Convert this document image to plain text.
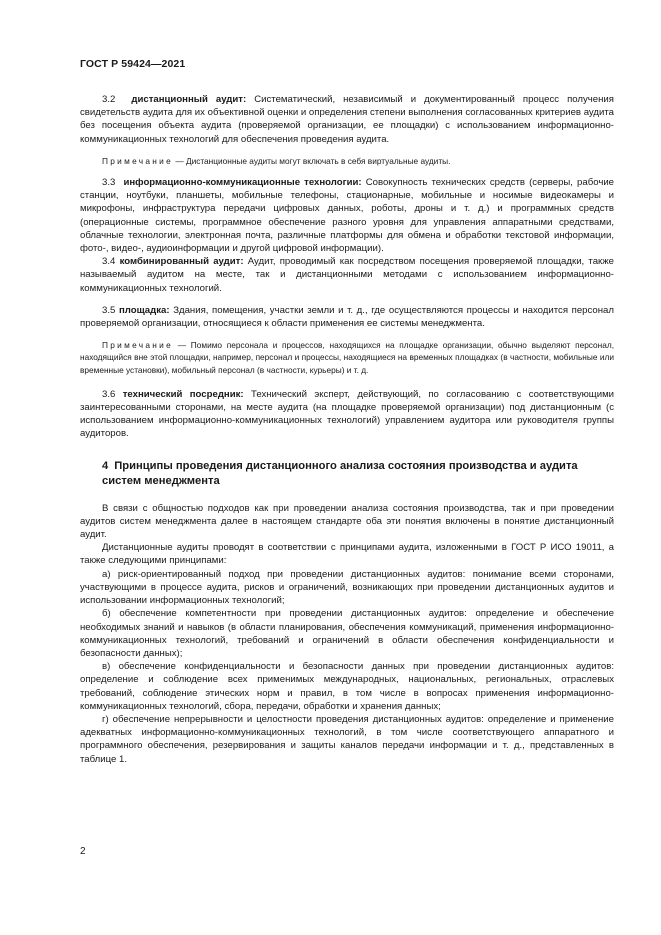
ГОСТ Р 59424—2021

3.2 дистанционный аудит: Систематический, независимый и документированный процесс получения свидетельств аудита для их объективной оценки и определения степени выполнения согласованных критериев аудита без посещения объекта аудита (проверяемой организации, ее площадки) с использованием информационно-коммуникационных технологий для обеспечения проведения аудита.

Примечание — Дистанционные аудиты могут включать в себя виртуальные аудиты.

3.3 информационно-коммуникационные технологии: Совокупность технических средств (серверы, рабочие станции, ноутбуки, планшеты, мобильные телефоны, стационарные, мобильные и носимые видеокамеры и микрофоны, инфраструктура передачи цифровых данных, роботы, дроны и т. д.) и программных средств (операционные системы, программное обеспечение разного уровня для управления аппаратными средствами, облачные технологии, электронная почта, различные платформы для обмена и обработки текстовой информации, фото-, видео-, аудиоинформации и другой цифровой информации).

3.4 комбинированный аудит: Аудит, проводимый как посредством посещения проверяемой площадки, также называемый аудитом на месте, так и дистанционными методами с использованием информационно-коммуникационных технологий.

3.5 площадка: Здания, помещения, участки земли и т. д., где осуществляются процессы и находится персонал проверяемой организации, относящиеся к области применения ее системы менеджмента.

Примечание — Помимо персонала и процессов, находящихся на площадке организации, обычно выделяют персонал, находящийся вне этой площадки, например, персонал и процессы, находящиеся на временных площадках (в частности, мобильные или временные установки), мобильный персонал (в частности, курьеры) и т. д.

3.6 технический посредник: Технический эксперт, действующий, по согласованию с соответствующими заинтересованными сторонами, на месте аудита (на площадке проверяемой организации) под дистанционным (с использованием информационно-коммуникационных технологий) управлением аудитора или руководителя группы аудиторов.

4 Принципы проведения дистанционного анализа состояния производства и аудита систем менеджмента

В связи с общностью подходов как при проведении анализа состояния производства, так и при проведении аудитов систем менеджмента далее в настоящем стандарте оба эти понятия включены в понятие дистанционный аудит.

Дистанционные аудиты проводят в соответствии с принципами аудита, изложенными в ГОСТ Р ИСО 19011, а также следующими принципами:

а) риск-ориентированный подход при проведении дистанционных аудитов: понимание всеми сторонами, участвующими в процессе аудита, рисков и ограничений, возникающих при проведении дистанционных аудитов и использовании информационных технологий;

б) обеспечение компетентности при проведении дистанционных аудитов: определение и обеспечение необходимых знаний и навыков (в области планирования, обеспечения коммуникаций, применения информационно-коммуникационных технологий, требований и ограничений в области обеспечения конфиденциальности и безопасности данных);

в) обеспечение конфиденциальности и безопасности данных при проведении дистанционных аудитов: определение и соблюдение всех применимых международных, национальных, региональных, отраслевых требований, соблюдение этических норм и правил, в том числе в вопросах применения информационно-коммуникационных технологий, сбора, передачи, обработки и хранения данных;

г) обеспечение непрерывности и целостности проведения дистанционных аудитов: определение и применение адекватных информационно-коммуникационных технологий, в том числе соответствующего аппаратного и программного обеспечения, резервирования и защиты каналов передачи информации и т. д., представленных в таблице 1.

2
